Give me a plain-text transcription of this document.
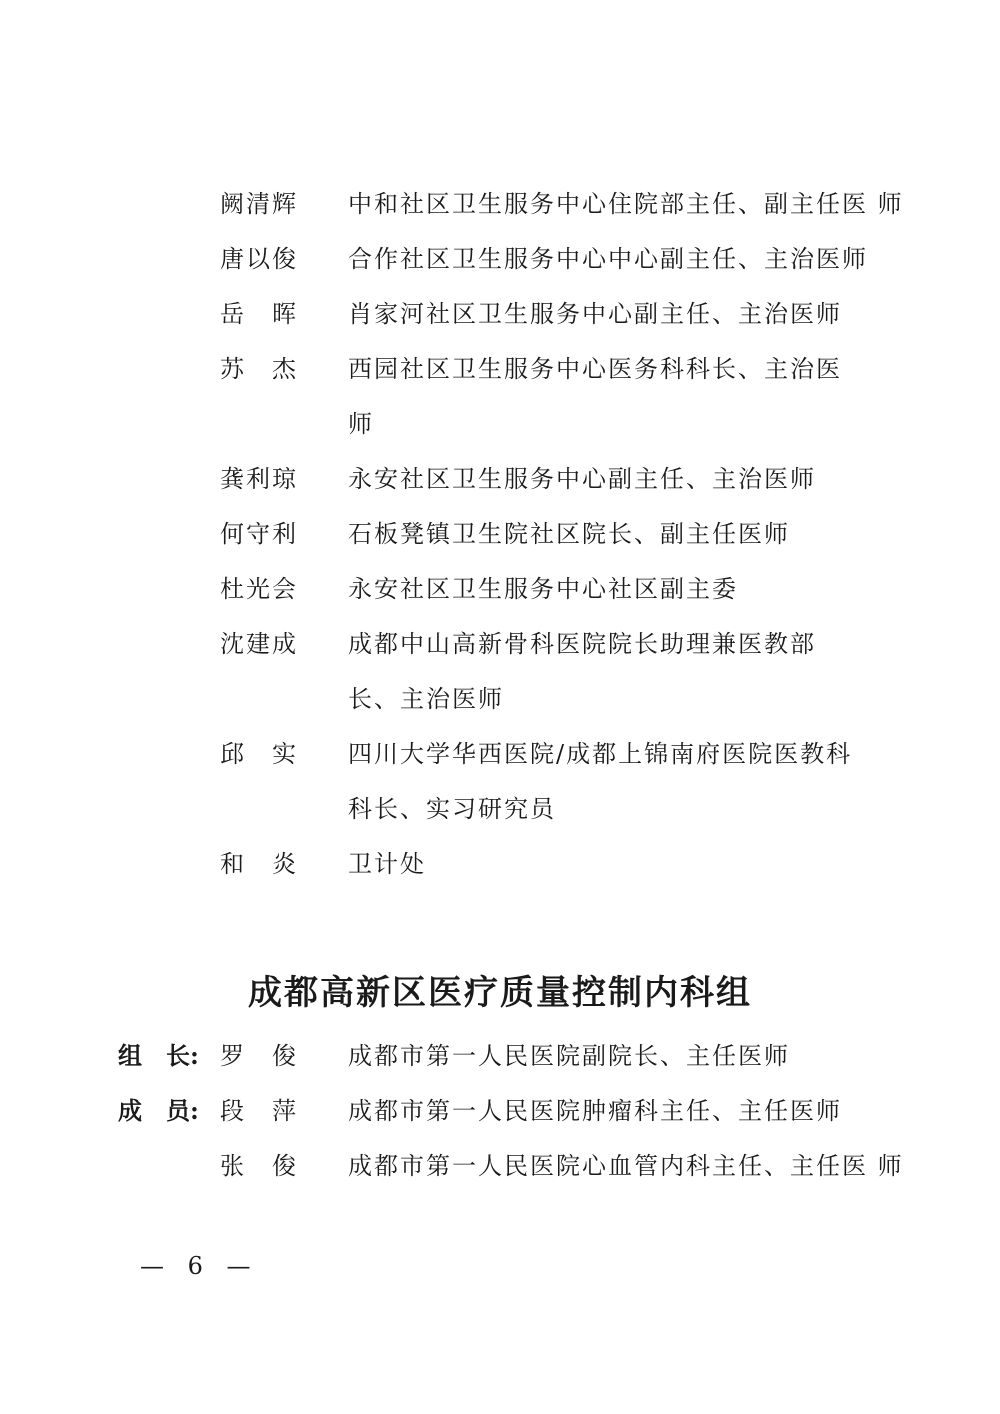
阙清辉	中和社区卫生服务中心住院部主任、副主任医 师
唐以俊	合作社区卫生服务中心中心副主任、主治医师
岳　晖	肖家河社区卫生服务中心副主任、主治医师
苏　杰	西园社区卫生服务中心医务科科长、主治医
师
龚利琼	永安社区卫生服务中心副主任、主治医师
何守利	石板凳镇卫生院社区院长、副主任医师
杜光会	永安社区卫生服务中心社区副主委
沈建成	成都中山高新骨科医院院长助理兼医教部
长、主治医师
邱　实	四川大学华西医院/成都上锦南府医院医教科
科长、实习研究员
和　炎	卫计处
成都高新区医疗质量控制内科组
组　长: 罗　俊	成都市第一人民医院副院长、主任医师
成　员: 段　萍	成都市第一人民医院肿瘤科主任、主任医师
张　俊	成都市第一人民医院心血管内科主任、主任医 师
— 6 —
